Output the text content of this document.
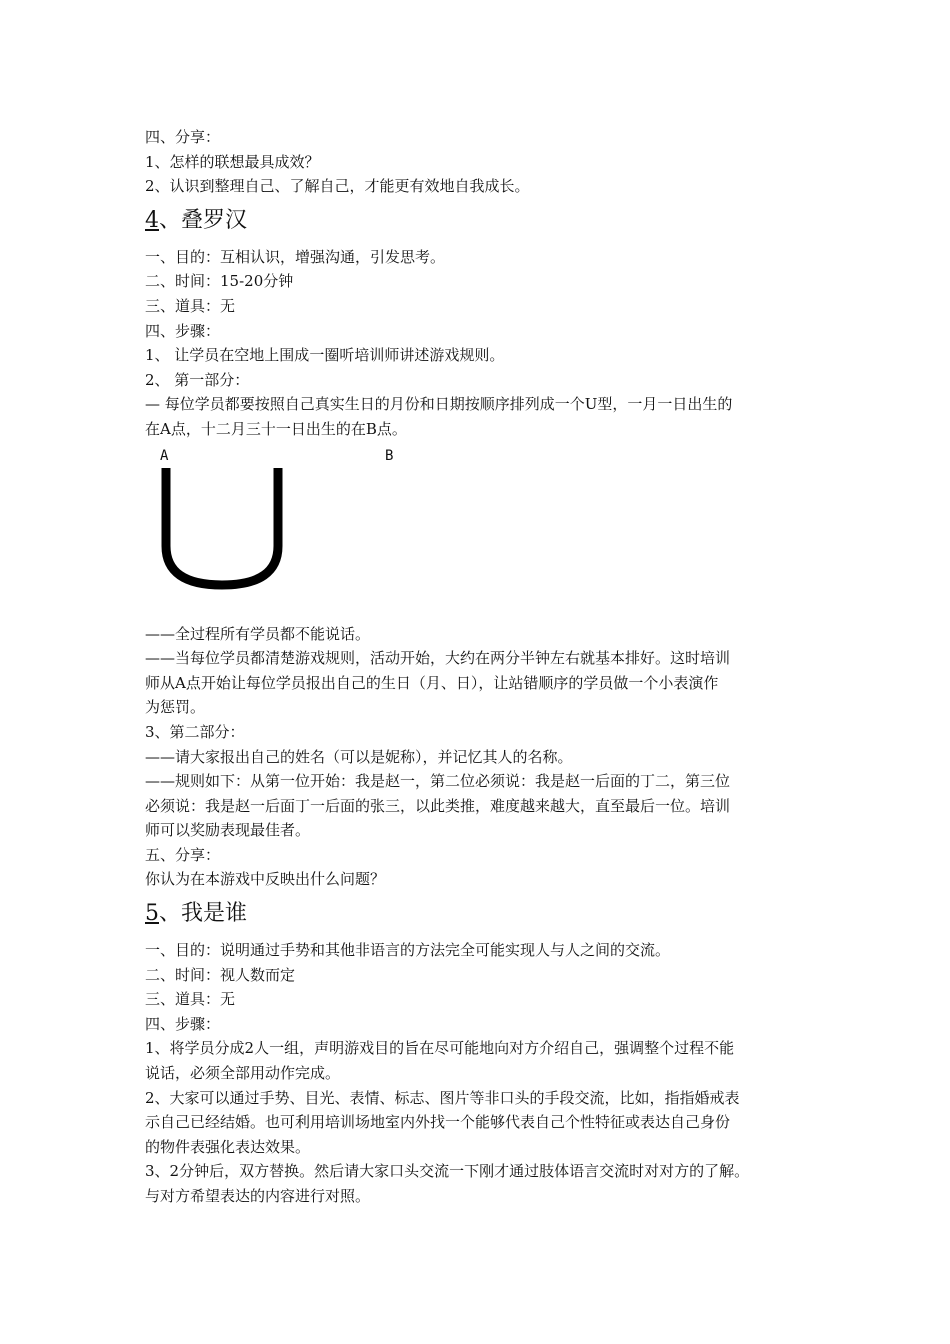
四、分享：
1、怎样的联想最具成效？
2、认识到整理自己、了解自己，才能更有效地自我成长。
4、叠罗汉
一、目的：互相认识，增强沟通，引发思考。
二、时间：15-20分钟
三、道具：无
四、步骤：
1、 让学员在空地上围成一圈听培训师讲述游戏规则。
2、 第一部分：
— 每位学员都要按照自己真实生日的月份和日期按顺序排列成一个U型，一月一日出生的
在A点，十二月三十一日出生的在B点。
A	B
——全过程所有学员都不能说话。
——当每位学员都清楚游戏规则，活动开始，大约在两分半钟左右就基本排好。这时培训
师从A点开始让每位学员报出自己的生日（月、日），让站错顺序的学员做一个小表演作
为惩罚。
3、第二部分：
——请大家报出自己的姓名（可以是妮称），并记忆其人的名称。
——规则如下：从第一位开始：我是赵一，第二位必须说：我是赵一后面的丁二，第三位
必须说：我是赵一后面丁一后面的张三，以此类推，难度越来越大，直至最后一位。培训
师可以奖励表现最佳者。
五、分享：
你认为在本游戏中反映出什么问题？
5、我是谁
一、目的：说明通过手势和其他非语言的方法完全可能实现人与人之间的交流。
二、时间：视人数而定
三、道具：无
四、步骤：
1、将学员分成2人一组，声明游戏目的旨在尽可能地向对方介绍自己，强调整个过程不能
说话，必须全部用动作完成。
2、大家可以通过手势、目光、表情、标志、图片等非口头的手段交流，比如，指指婚戒表
示自己已经结婚。也可利用培训场地室内外找一个能够代表自己个性特征或表达自己身份
的物件表强化表达效果。
3、2分钟后，双方替换。然后请大家口头交流一下刚才通过肢体语言交流时对对方的了解。
与对方希望表达的内容进行对照。
